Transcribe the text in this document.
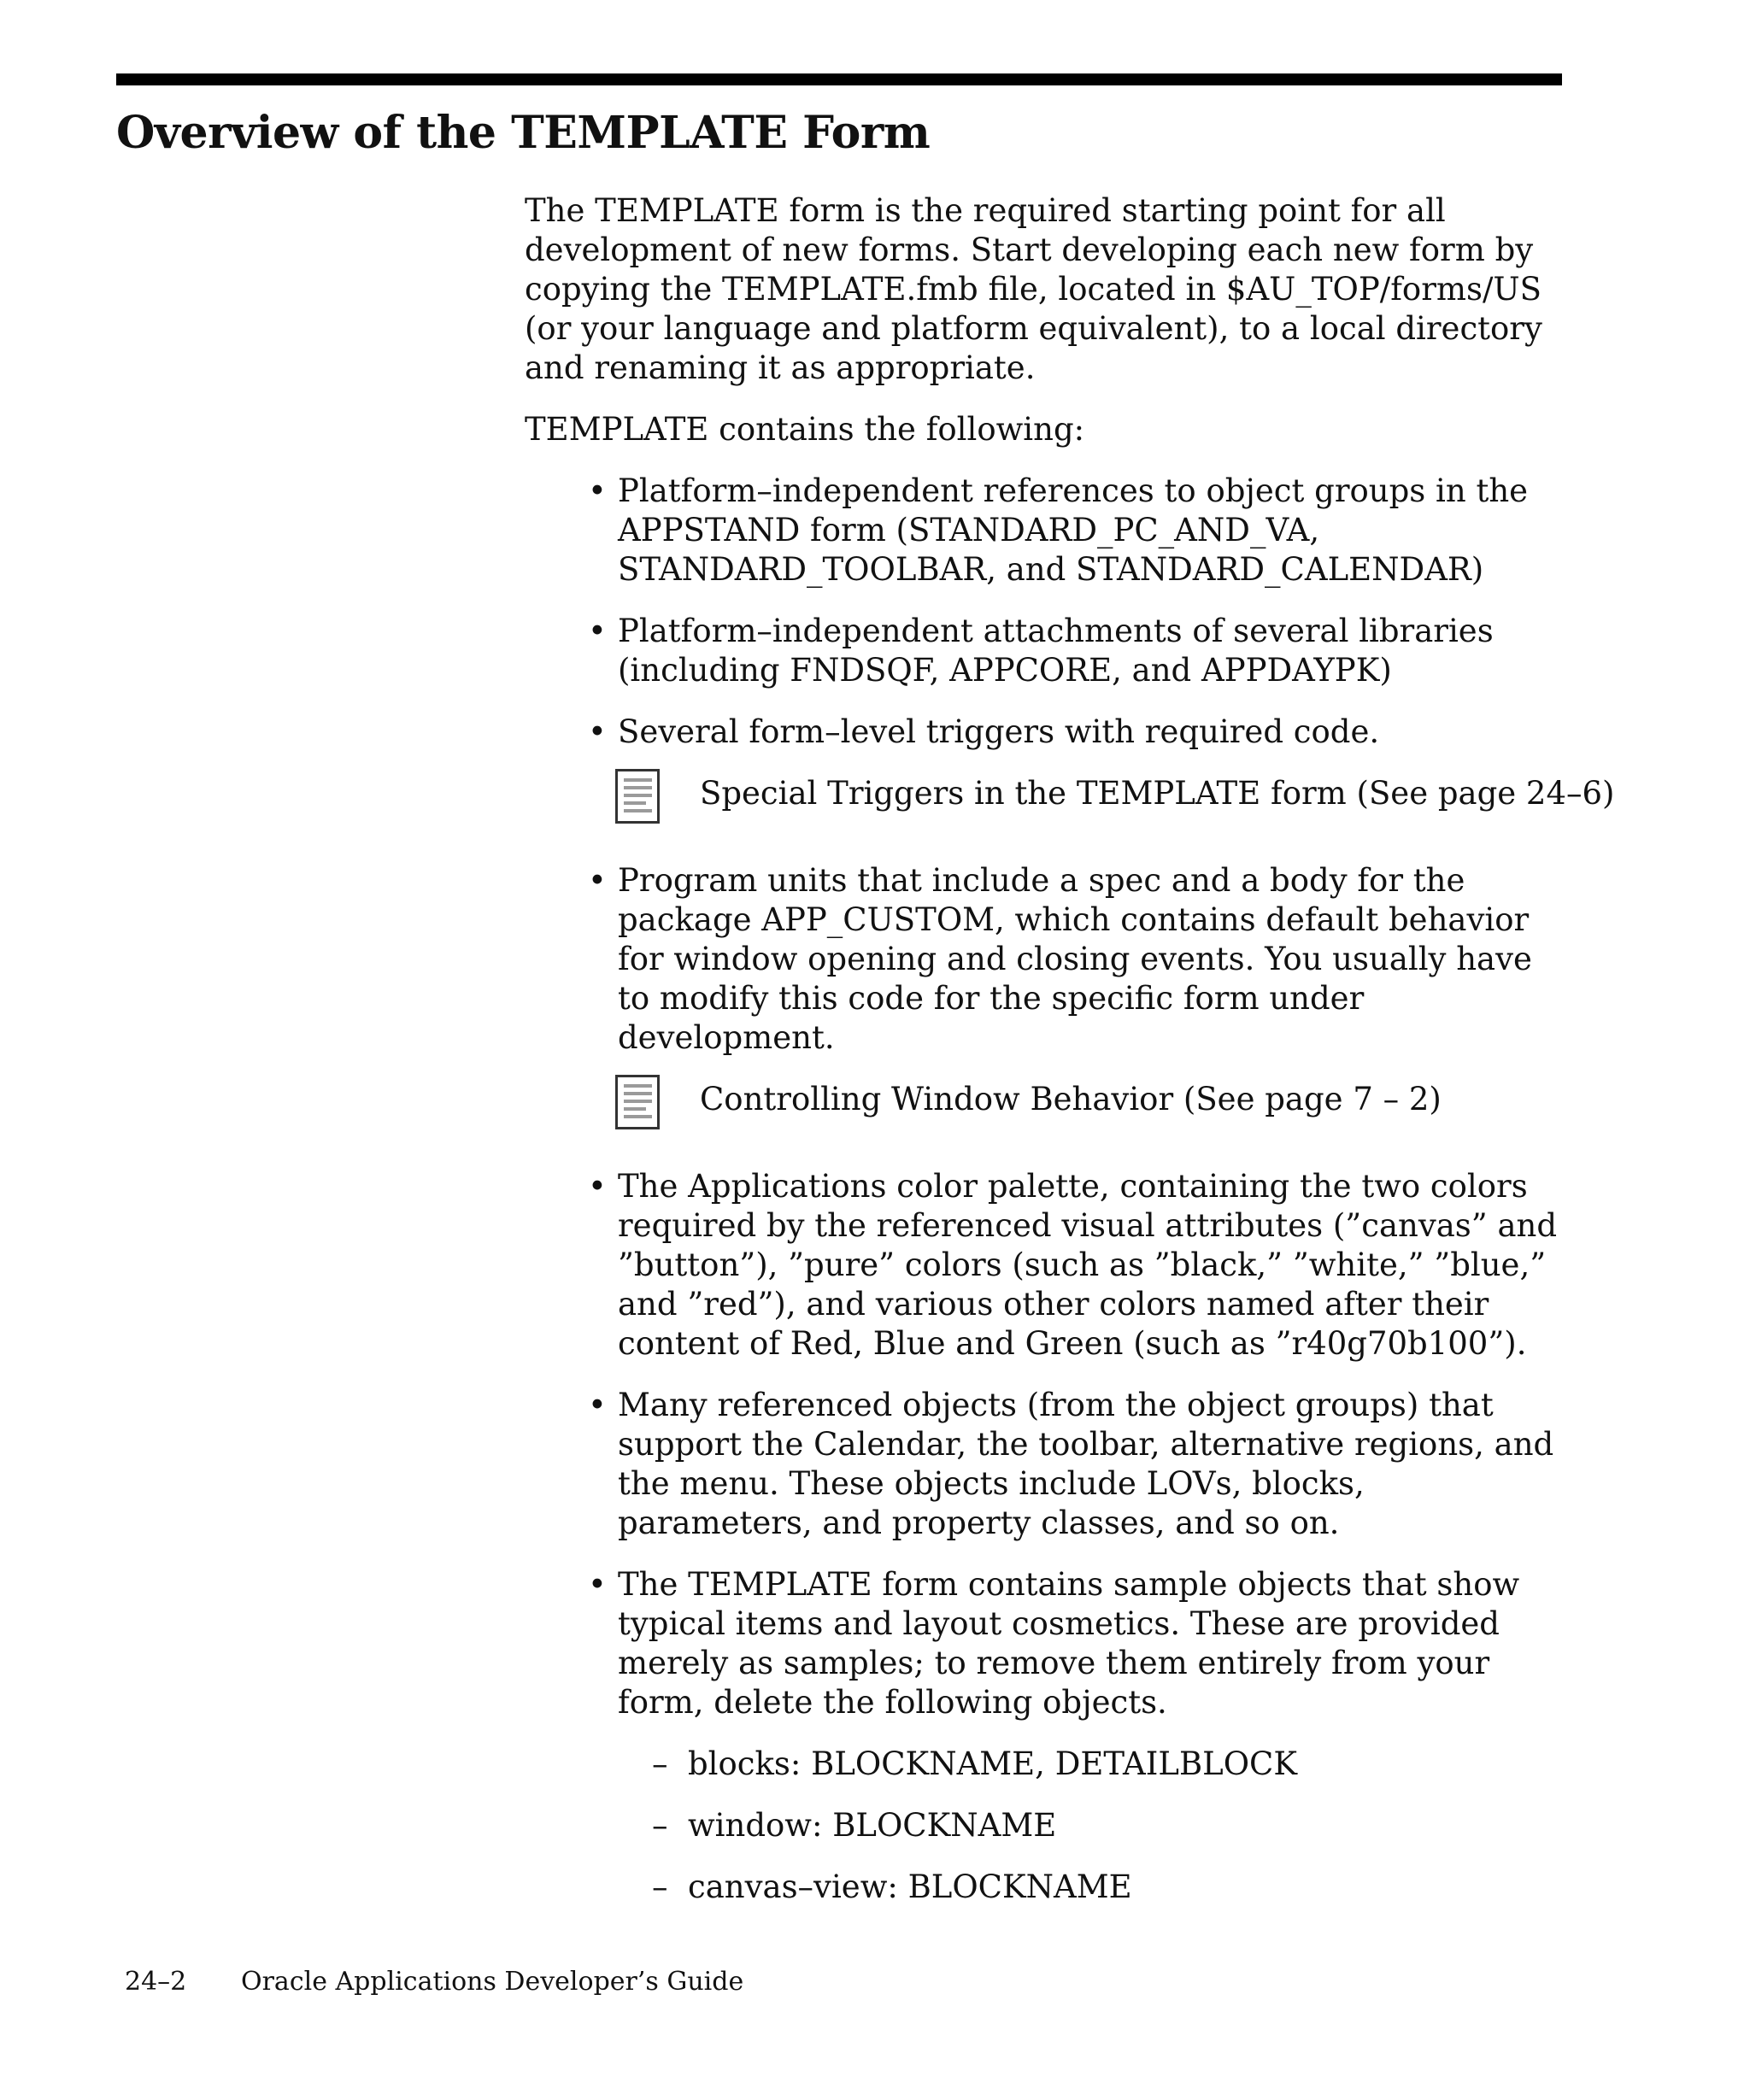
Overview of the TEMPLATE Form

The TEMPLATE form is the required starting point for all development of new forms. Start developing each new form by copying the TEMPLATE.fmb file, located in $AU_TOP/forms/US (or your language and platform equivalent), to a local directory and renaming it as appropriate.

TEMPLATE contains the following:

• Platform–independent references to object groups in the APPSTAND form (STANDARD_PC_AND_VA, STANDARD_TOOLBAR, and STANDARD_CALENDAR)
• Platform–independent attachments of several libraries (including FNDSQF, APPCORE, and APPDAYPK)
• Several form–level triggers with required code.
Special Triggers in the TEMPLATE form (See page 24–6)
• Program units that include a spec and a body for the package APP_CUSTOM, which contains default behavior for window opening and closing events. You usually have to modify this code for the specific form under development.
Controlling Window Behavior (See page 7 – 2)
• The Applications color palette, containing the two colors required by the referenced visual attributes (”canvas” and ”button”), ”pure” colors (such as ”black,” ”white,” ”blue,” and ”red”), and various other colors named after their content of Red, Blue and Green (such as ”r40g70b100”).
• Many referenced objects (from the object groups) that support the Calendar, the toolbar, alternative regions, and the menu. These objects include LOVs, blocks, parameters, and property classes, and so on.
• The TEMPLATE form contains sample objects that show typical items and layout cosmetics. These are provided merely as samples; to remove them entirely from your form, delete the following objects.
– blocks: BLOCKNAME, DETAILBLOCK
– window: BLOCKNAME
– canvas–view: BLOCKNAME
24–2 Oracle Applications Developer’s Guide
